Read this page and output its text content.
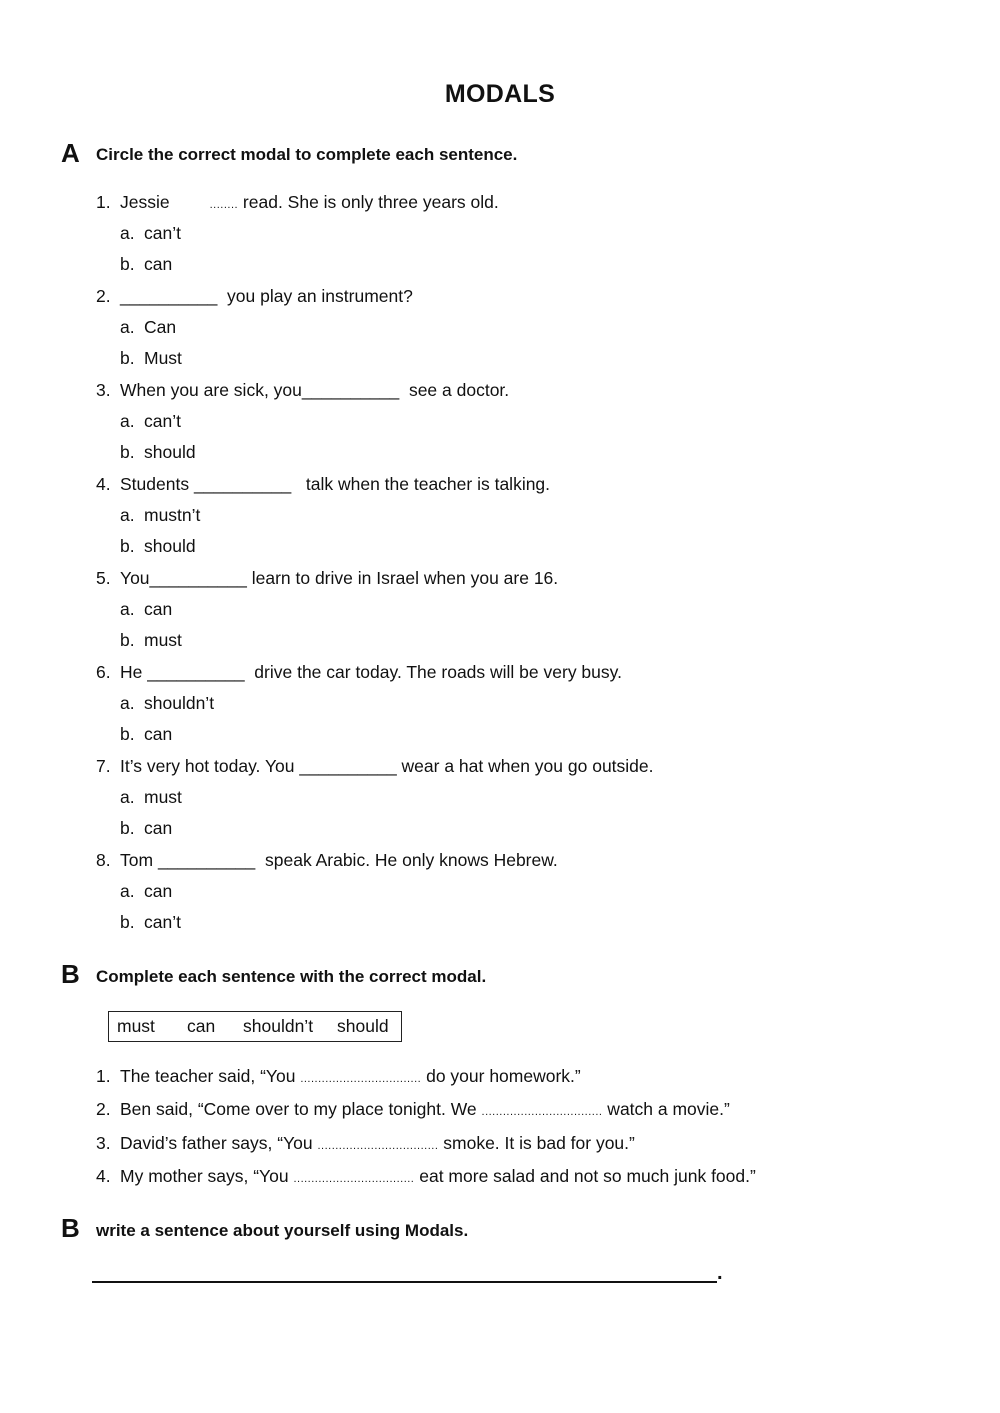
MODALS
A Circle the correct modal to complete each sentence.
1. Jessie	........ read. She is only three years old.
a. can’t
b. can
2. __________  you play an instrument?
a. Can
b. Must
3. When you are sick, you__________  see a doctor.
a. can’t
b. should
4. Students __________   talk when the teacher is talking.
a. mustn’t
b. should
5. You__________ learn to drive in Israel when you are 16.
a. can
b. must
6. He __________  drive the car today. The roads will be very busy.
a. shouldn’t
b. can
7. It’s very hot today. You __________ wear a hat when you go outside.
a. must
b. can
8. Tom __________  speak Arabic. He only knows Hebrew.
a. can
b. can’t
B Complete each sentence with the correct modal.
must can shouldn’t should
1. The teacher said, “You .................................. do your homework.”
2. Ben said, “Come over to my place tonight. We .................................. watch a movie.”
3. David’s father says, “You .................................. smoke. It is bad for you.”
4. My mother says, “You .................................. eat more salad and not so much junk food.”
B write a sentence about yourself using Modals.
.
